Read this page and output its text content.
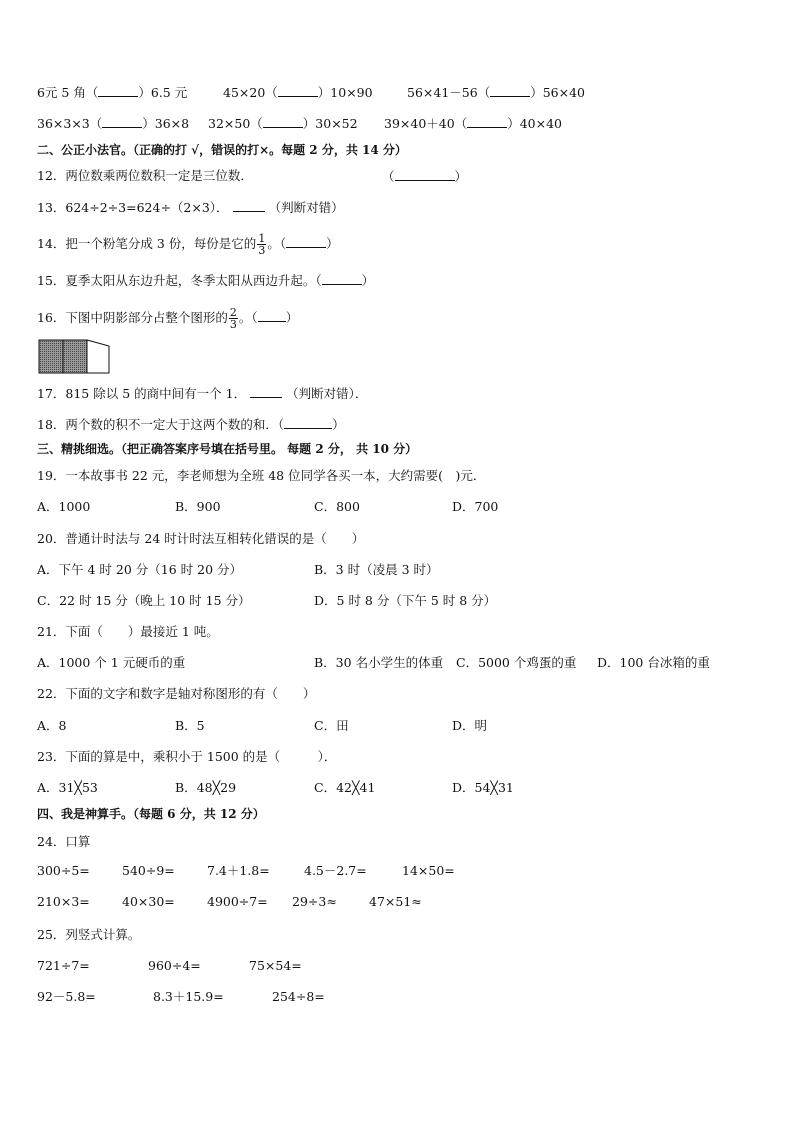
6元 5 角（	）6.5 元	45×20（	）10×90	56×41－56（	）56×40
36×3×3（	）36×8 32×50（	）30×52 39×40＋40（	）40×40
二、公正小法官。（正确的打 √，错误的打×。每题 2 分，共 14 分）
12．两位数乘两位数积一定是三位数．	（	）
13．624÷2÷3=624÷（2×3）．	（判断对错）
14．把一个粉笔分成 3 份，每份是它的 $\frac{1}{3}$ 。（	）
15．夏季太阳从东边升起，冬季太阳从西边升起。（	）
16．下图中阴影部分占整个图形的 $\frac{2}{3}$ 。（ ）
17．815 除以 5 的商中间有一个 1．	（判断对错）．
18．两个数的积不一定大于这两个数的和．（	）
三、精挑细选。（把正确答案序号填在括号里。 每题 2 分， 共 10 分）
19．一本故事书 22 元，李老师想为全班 48 位同学各买一本，大约需要(　)元．
A．1000	B．900	C．800	D．700
20．普通计时法与 24 时计时法互相转化错误的是（　　）
A．下午 4 时 20 分（16 时 20 分）	B．3 时（凌晨 3 时）
C．22 时 15 分（晚上 10 时 15 分）	D．5 时 8 分（下午 5 时 8 分）
21．下面（　　）最接近 1 吨。
A．1000 个 1 元硬币的重	B．30 名小学生的体重 C．5000 个鸡蛋的重 D．100 台冰箱的重
22．下面的文字和数字是轴对称图形的有（　　）
A．8	B．5	C．田	D．明
23．下面的算是中，乘积小于 1500 的是（　　　）．
A．31╳53	B．48╳29	C．42╳41	D．54╳31
四、我是神算手。（每题 6 分，共 12 分）
24．口算
300÷5=	540÷9=	7.4＋1.8=	4.5－2.7=	14×50=
210×3=	40×30=	4900÷7= 29÷3≈	47×51≈
25．列竖式计算。
721÷7=	960÷4=	75×54=
92－5.8=	8.3＋15.9=	254÷8=
